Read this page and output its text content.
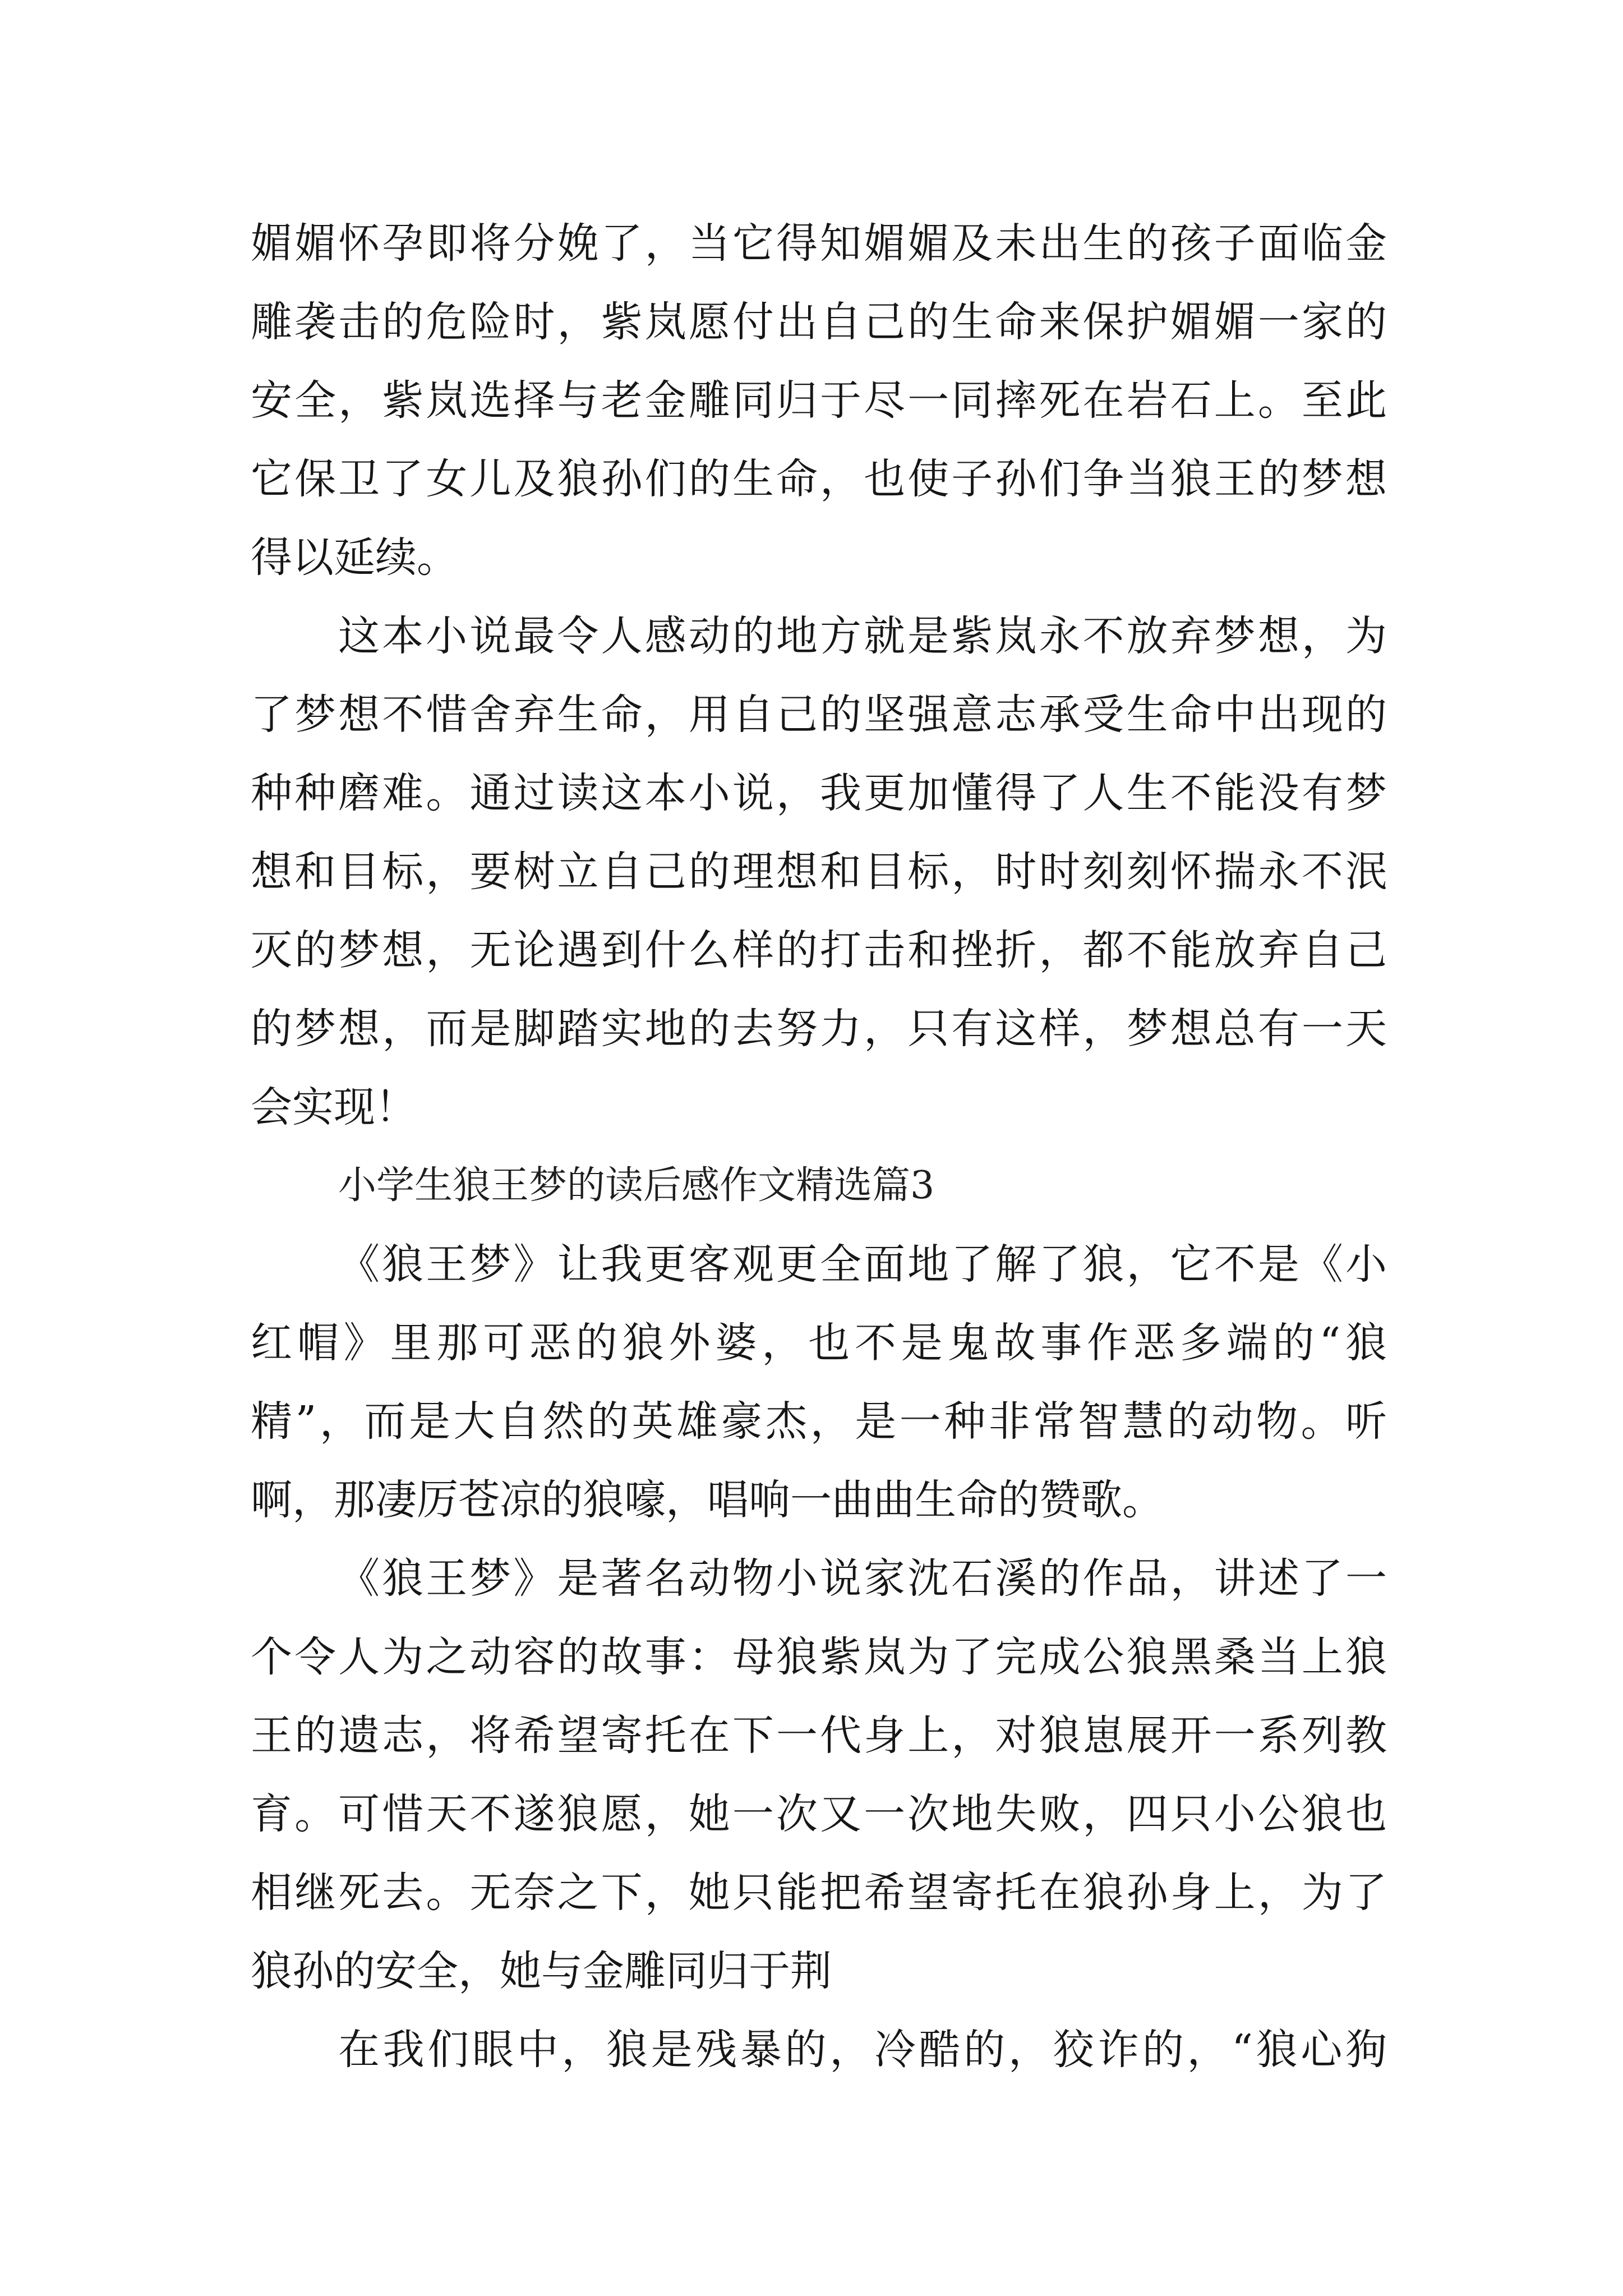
媚媚怀孕即将分娩了，当它得知媚媚及未出生的孩子面临金
雕袭击的危险时，紫岚愿付出自己的生命来保护媚媚一家的
安全，紫岚选择与老金雕同归于尽一同摔死在岩石上。至此
它保卫了女儿及狼孙们的生命，也使子孙们争当狼王的梦想
得以延续。
这本小说最令人感动的地方就是紫岚永不放弃梦想，为
了梦想不惜舍弃生命，用自己的坚强意志承受生命中出现的
种种磨难。通过读这本小说，我更加懂得了人生不能没有梦
想和目标，要树立自己的理想和目标，时时刻刻怀揣永不泯
灭的梦想，无论遇到什么样的打击和挫折，都不能放弃自己
的梦想，而是脚踏实地的去努力，只有这样，梦想总有一天
会实现！
小学生狼王梦的读后感作文精选篇3
《狼王梦》让我更客观更全面地了解了狼，它不是《小
红帽》里那可恶的狼外婆，也不是鬼故事作恶多端的“狼
精”，而是大自然的英雄豪杰，是一种非常智慧的动物。听
啊，那凄厉苍凉的狼嚎，唱响一曲曲生命的赞歌。
《狼王梦》是著名动物小说家沈石溪的作品，讲述了一
个令人为之动容的故事：母狼紫岚为了完成公狼黑桑当上狼
王的遗志，将希望寄托在下一代身上，对狼崽展开一系列教
育。可惜天不遂狼愿，她一次又一次地失败，四只小公狼也
相继死去。无奈之下，她只能把希望寄托在狼孙身上，为了
狼孙的安全，她与金雕同归于荆
在我们眼中，狼是残暴的，冷酷的，狡诈的，“狼心狗
